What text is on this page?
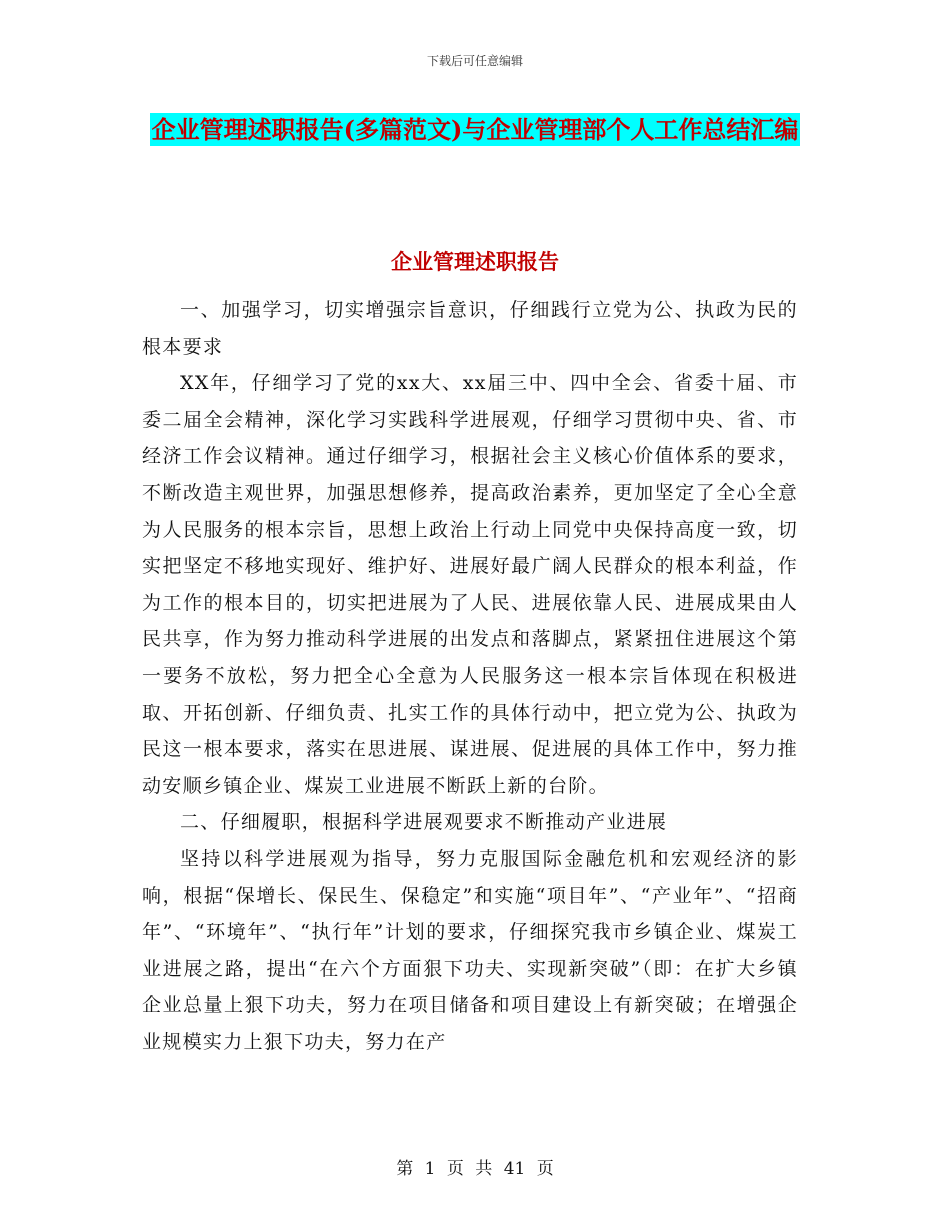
下载后可任意编辑
企业管理述职报告(多篇范文)与企业管理部个人工作总结汇编
企业管理述职报告

一、加强学习，切实增强宗旨意识，仔细践行立党为公、执政为民的根本要求

XX年，仔细学习了党的xx大、xx届三中、四中全会、省委十届、市委二届全会精神，深化学习实践科学进展观，仔细学习贯彻中央、省、市经济工作会议精神。通过仔细学习，根据社会主义核心价值体系的要求，不断改造主观世界，加强思想修养，提高政治素养，更加坚定了全心全意为人民服务的根本宗旨，思想上政治上行动上同党中央保持高度一致，切实把坚定不移地实现好、维护好、进展好最广阔人民群众的根本利益，作为工作的根本目的，切实把进展为了人民、进展依靠人民、进展成果由人民共享，作为努力推动科学进展的出发点和落脚点，紧紧扭住进展这个第一要务不放松，努力把全心全意为人民服务这一根本宗旨体现在积极进取、开拓创新、仔细负责、扎实工作的具体行动中，把立党为公、执政为民这一根本要求，落实在思进展、谋进展、促进展的具体工作中，努力推动安顺乡镇企业、煤炭工业进展不断跃上新的台阶。

二、仔细履职，根据科学进展观要求不断推动产业进展

坚持以科学进展观为指导，努力克服国际金融危机和宏观经济的影响，根据“保增长、保民生、保稳定”和实施“项目年”、“产业年”、“招商年”、“环境年”、“执行年”计划的要求，仔细探究我市乡镇企业、煤炭工业进展之路，提出“在六个方面狠下功夫、实现新突破”（即：在扩大乡镇企业总量上狠下功夫，努力在项目储备和项目建设上有新突破；在增强企业规模实力上狠下功夫，努力在产

第 1 页 共 41 页
